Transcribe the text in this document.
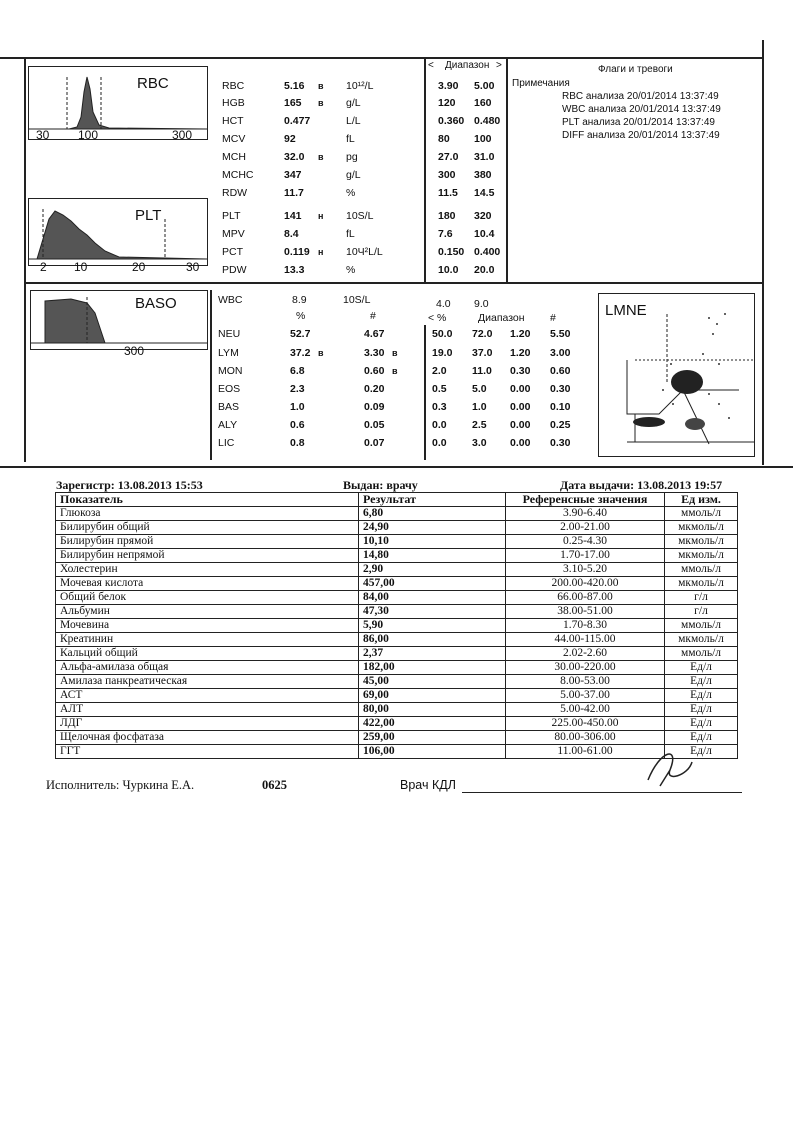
RBC
30 100	300
PLT
2 10	20	30
BASO
300
Диапазон
<	>
RBC	5.16 в 10¹²/L	3.90 5.00
HGB	165 в g/L	120 160
HCT	0.477	L/L	0.360 0.480
MCV	92	fL	80 100
MCH	32.0 в pg	27.0 31.0
MCHC	347	g/L	300 380
RDW	11.7	%	11.5 14.5
PLT	141 н 10S/L	180 320
MPV	8.4	fL	7.6 10.4
PCT	0.119 н 10Ч²L/L	0.150 0.400
PDW	13.3	%	10.0 20.0
Флаги и тревоги
Примечания
RBC анализа 20/01/2014 13:37:49
WBC анализа 20/01/2014 13:37:49
PLT анализа 20/01/2014 13:37:49
DIFF анализа 20/01/2014 13:37:49
WBC	8.9	10S/L	4.0 9.0
%	#	< %	Диапазон #
NEU	52.7	4.67	50.0 72.0 1.20 5.50
LYM	37.2 в	3.30 в	19.0 37.0 1.20 3.00
MON	6.8	0.60 в	2.0 11.0 0.30 0.60
EOS	2.3	0.20	0.5 5.0 0.00 0.30
BAS	1.0	0.09	0.3 1.0 0.00 0.10
ALY	0.6	0.05	0.0 2.5 0.00 0.25
LIC	0.8	0.07	0.0 3.0 0.00 0.30
LMNE
Зарегистр: 13.08.2013 15:53	Выдан: врачу	Дата выдачи: 13.08.2013 19:57
Показатель	Результат	Референсные значения	Ед изм.
Глюкоза	6,80	3.90-6.40	ммоль/л
Билирубин общий	24,90	2.00-21.00	мкмоль/л
Билирубин прямой	10,10	0.25-4.30	мкмоль/л
Билирубин непрямой	14,80	1.70-17.00	мкмоль/л
Холестерин	2,90	3.10-5.20	ммоль/л
Мочевая кислота	457,00	200.00-420.00	мкмоль/л
Общий белок	84,00	66.00-87.00	г/л
Альбумин	47,30	38.00-51.00	г/л
Мочевина	5,90	1.70-8.30	ммоль/л
Креатинин	86,00	44.00-115.00	мкмоль/л
Кальций общий	2,37	2.02-2.60	ммоль/л
Альфа-амилаза общая	182,00	30.00-220.00	Ед/л
Амилаза панкреатическая	45,00	8.00-53.00	Ед/л
АСТ	69,00	5.00-37.00	Ед/л
АЛТ	80,00	5.00-42.00	Ед/л
ЛДГ	422,00	225.00-450.00	Ед/л
Щелочная фосфатаза	259,00	80.00-306.00	Ед/л
ГГТ	106,00	11.00-61.00	Ед/л
Исполнитель: Чуркина Е.А.	0625	Врач КДЛ
